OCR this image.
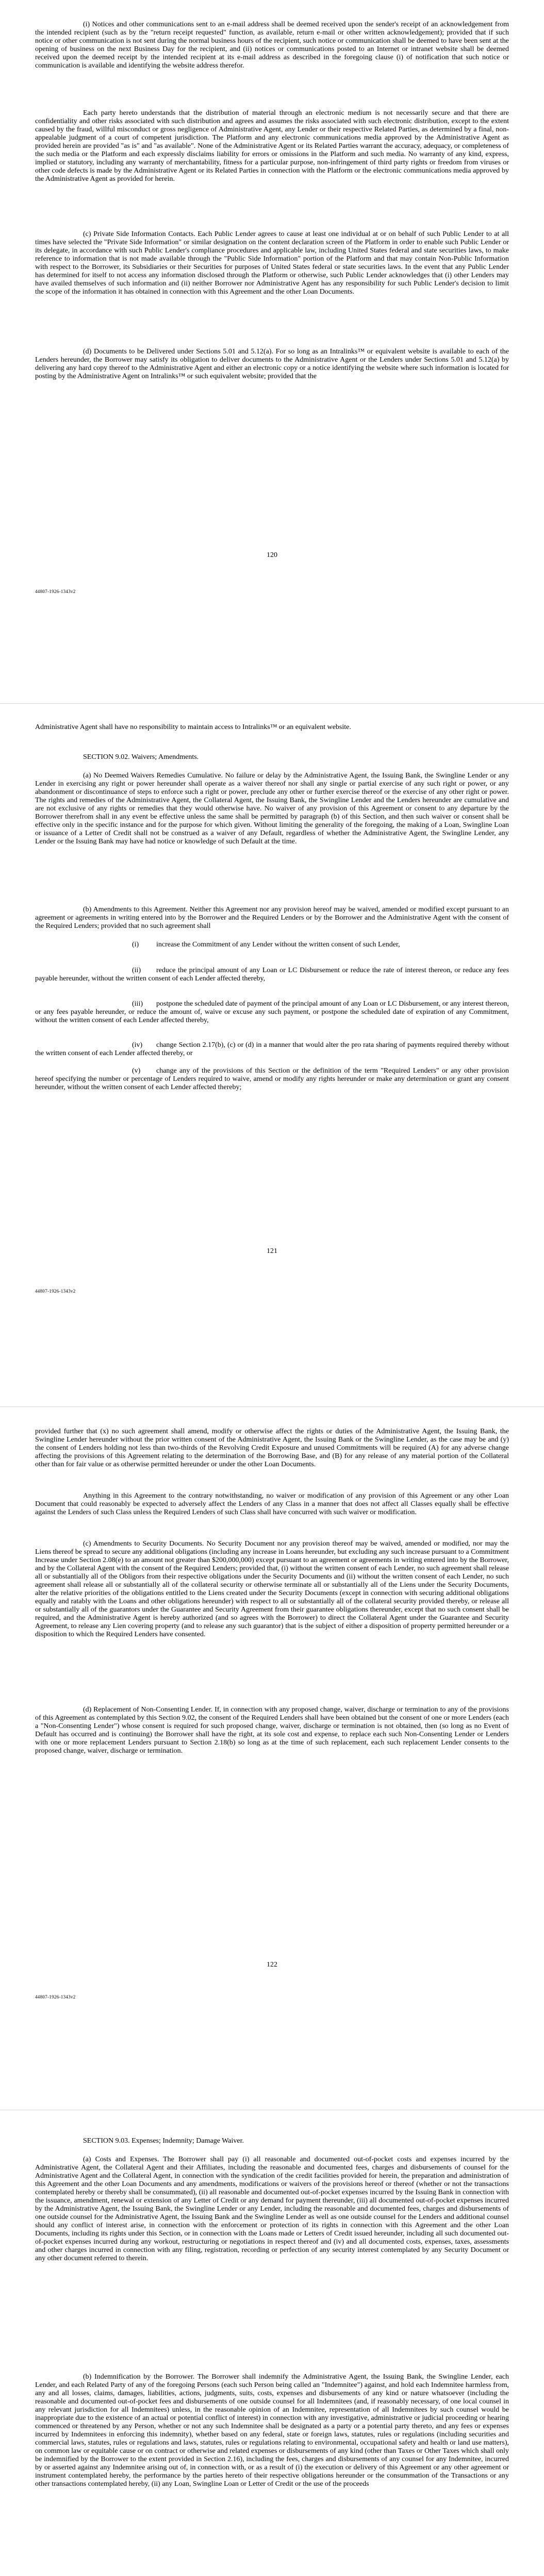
(i) Notices and other communications sent to an e-mail address shall be deemed received upon the sender's receipt of an acknowledgement from the intended recipient (such as by the "return receipt requested" function, as available, return e-mail or other written acknowledgement); provided that if such notice or other communication is not sent during the normal business hours of the recipient, such notice or communication shall be deemed to have been sent at the opening of business on the next Business Day for the recipient, and (ii) notices or communications posted to an Internet or intranet website shall be deemed received upon the deemed receipt by the intended recipient at its e-mail address as described in the foregoing clause (i) of notification that such notice or communication is available and identifying the website address therefor.

Each party hereto understands that the distribution of material through an electronic medium is not necessarily secure and that there are confidentiality and other risks associated with such distribution and agrees and assumes the risks associated with such electronic distribution, except to the extent caused by the fraud, willful misconduct or gross negligence of Administrative Agent, any Lender or their respective Related Parties, as determined by a final, non-appealable judgment of a court of competent jurisdiction. The Platform and any electronic communications media approved by the Administrative Agent as provided herein are provided "as is" and "as available". None of the Administrative Agent or its Related Parties warrant the accuracy, adequacy, or completeness of the such media or the Platform and each expressly disclaims liability for errors or omissions in the Platform and such media. No warranty of any kind, express, implied or statutory, including any warranty of merchantability, fitness for a particular purpose, non-infringement of third party rights or freedom from viruses or other code defects is made by the Administrative Agent or its Related Parties in connection with the Platform or the electronic communications media approved by the Administrative Agent as provided for herein.

(c) Private Side Information Contacts. Each Public Lender agrees to cause at least one individual at or on behalf of such Public Lender to at all times have selected the "Private Side Information" or similar designation on the content declaration screen of the Platform in order to enable such Public Lender or its delegate, in accordance with such Public Lender's compliance procedures and applicable law, including United States federal and state securities laws, to make reference to information that is not made available through the "Public Side Information" portion of the Platform and that may contain Non-Public Information with respect to the Borrower, its Subsidiaries or their Securities for purposes of United States federal or state securities laws. In the event that any Public Lender has determined for itself to not access any information disclosed through the Platform or otherwise, such Public Lender acknowledges that (i) other Lenders may have availed themselves of such information and (ii) neither Borrower nor Administrative Agent has any responsibility for such Public Lender's decision to limit the scope of the information it has obtained in connection with this Agreement and the other Loan Documents.

(d) Documents to be Delivered under Sections 5.01 and 5.12(a). For so long as an Intralinks™ or equivalent website is available to each of the Lenders hereunder, the Borrower may satisfy its obligation to deliver documents to the Administrative Agent or the Lenders under Sections 5.01 and 5.12(a) by delivering any hard copy thereof to the Administrative Agent and either an electronic copy or a notice identifying the website where such information is located for posting by the Administrative Agent on Intralinks™ or such equivalent website; provided that the

120
44807-1926-1343v2

Administrative Agent shall have no responsibility to maintain access to Intralinks™ or an equivalent website.

SECTION 9.02. Waivers; Amendments.

(a) No Deemed Waivers Remedies Cumulative. No failure or delay by the Administrative Agent, the Issuing Bank, the Swingline Lender or any Lender in exercising any right or power hereunder shall operate as a waiver thereof nor shall any single or partial exercise of any such right or power, or any abandonment or discontinuance of steps to enforce such a right or power, preclude any other or further exercise thereof or the exercise of any other right or power. The rights and remedies of the Administrative Agent, the Collateral Agent, the Issuing Bank, the Swingline Lender and the Lenders hereunder are cumulative and are not exclusive of any rights or remedies that they would otherwise have. No waiver of any provision of this Agreement or consent to any departure by the Borrower therefrom shall in any event be effective unless the same shall be permitted by paragraph (b) of this Section, and then such waiver or consent shall be effective only in the specific instance and for the purpose for which given. Without limiting the generality of the foregoing, the making of a Loan, Swingline Loan or issuance of a Letter of Credit shall not be construed as a waiver of any Default, regardless of whether the Administrative Agent, the Swingline Lender, any Lender or the Issuing Bank may have had notice or knowledge of such Default at the time.

(b) Amendments to this Agreement. Neither this Agreement nor any provision hereof may be waived, amended or modified except pursuant to an agreement or agreements in writing entered into by the Borrower and the Required Lenders or by the Borrower and the Administrative Agent with the consent of the Required Lenders; provided that no such agreement shall

(i)	increase the Commitment of any Lender without the written consent of such Lender,
(ii)	reduce the principal amount of any Loan or LC Disbursement or reduce the rate of interest thereon, or reduce any fees payable hereunder, without the written consent of each Lender affected thereby,
(iii)	postpone the scheduled date of payment of the principal amount of any Loan or LC Disbursement, or any interest thereon, or any fees payable hereunder, or reduce the amount of, waive or excuse any such payment, or postpone the scheduled date of expiration of any Commitment, without the written consent of each Lender affected thereby,
(iv)	change Section 2.17(b), (c) or (d) in a manner that would alter the pro rata sharing of payments required thereby without the written consent of each Lender affected thereby, or
(v)	change any of the provisions of this Section or the definition of the term "Required Lenders" or any other provision hereof specifying the number or percentage of Lenders required to waive, amend or modify any rights hereunder or make any determination or grant any consent hereunder, without the written consent of each Lender affected thereby;
121
44807-1926-1343v2

provided further that (x) no such agreement shall amend, modify or otherwise affect the rights or duties of the Administrative Agent, the Issuing Bank, the Swingline Lender hereunder without the prior written consent of the Administrative Agent, the Issuing Bank or the Swingline Lender, as the case may be and (y) the consent of Lenders holding not less than two-thirds of the Revolving Credit Exposure and unused Commitments will be required (A) for any adverse change affecting the provisions of this Agreement relating to the determination of the Borrowing Base, and (B) for any release of any material portion of the Collateral other than for fair value or as otherwise permitted hereunder or under the other Loan Documents.

Anything in this Agreement to the contrary notwithstanding, no waiver or modification of any provision of this Agreement or any other Loan Document that could reasonably be expected to adversely affect the Lenders of any Class in a manner that does not affect all Classes equally shall be effective against the Lenders of such Class unless the Required Lenders of such Class shall have concurred with such waiver or modification.

(c) Amendments to Security Documents. No Security Document nor any provision thereof may be waived, amended or modified, nor may the Liens thereof be spread to secure any additional obligations (including any increase in Loans hereunder, but excluding any such increase pursuant to a Commitment Increase under Section 2.08(e) to an amount not greater than $200,000,000) except pursuant to an agreement or agreements in writing entered into by the Borrower, and by the Collateral Agent with the consent of the Required Lenders; provided that, (i) without the written consent of each Lender, no such agreement shall release all or substantially all of the Obligors from their respective obligations under the Security Documents and (ii) without the written consent of each Lender, no such agreement shall release all or substantially all of the collateral security or otherwise terminate all or substantially all of the Liens under the Security Documents, alter the relative priorities of the obligations entitled to the Liens created under the Security Documents (except in connection with securing additional obligations equally and ratably with the Loans and other obligations hereunder) with respect to all or substantially all of the collateral security provided thereby, or release all or substantially all of the guarantors under the Guarantee and Security Agreement from their guarantee obligations thereunder, except that no such consent shall be required, and the Administrative Agent is hereby authorized (and so agrees with the Borrower) to direct the Collateral Agent under the Guarantee and Security Agreement, to release any Lien covering property (and to release any such guarantor) that is the subject of either a disposition of property permitted hereunder or a disposition to which the Required Lenders have consented.

(d) Replacement of Non-Consenting Lender. If, in connection with any proposed change, waiver, discharge or termination to any of the provisions of this Agreement as contemplated by this Section 9.02, the consent of the Required Lenders shall have been obtained but the consent of one or more Lenders (each a "Non-Consenting Lender") whose consent is required for such proposed change, waiver, discharge or termination is not obtained, then (so long as no Event of Default has occurred and is continuing) the Borrower shall have the right, at its sole cost and expense, to replace each such Non-Consenting Lender or Lenders with one or more replacement Lenders pursuant to Section 2.18(b) so long as at the time of such replacement, each such replacement Lender consents to the proposed change, waiver, discharge or termination.

122
44807-1926-1343v2

SECTION 9.03. Expenses; Indemnity; Damage Waiver.

(a) Costs and Expenses. The Borrower shall pay (i) all reasonable and documented out-of-pocket costs and expenses incurred by the Administrative Agent, the Collateral Agent and their Affiliates, including the reasonable and documented fees, charges and disbursements of counsel for the Administrative Agent and the Collateral Agent, in connection with the syndication of the credit facilities provided for herein, the preparation and administration of this Agreement and the other Loan Documents and any amendments, modifications or waivers of the provisions hereof or thereof (whether or not the transactions contemplated hereby or thereby shall be consummated), (ii) all reasonable and documented out-of-pocket expenses incurred by the Issuing Bank in connection with the issuance, amendment, renewal or extension of any Letter of Credit or any demand for payment thereunder, (iii) all documented out-of-pocket expenses incurred by the Administrative Agent, the Issuing Bank, the Swingline Lender or any Lender, including the reasonable and documented fees, charges and disbursements of one outside counsel for the Administrative Agent, the Issuing Bank and the Swingline Lender as well as one outside counsel for the Lenders and additional counsel should any conflict of interest arise, in connection with the enforcement or protection of its rights in connection with this Agreement and the other Loan Documents, including its rights under this Section, or in connection with the Loans made or Letters of Credit issued hereunder, including all such documented out-of-pocket expenses incurred during any workout, restructuring or negotiations in respect thereof and (iv) and all documented costs, expenses, taxes, assessments and other charges incurred in connection with any filing, registration, recording or perfection of any security interest contemplated by any Security Document or any other document referred to therein.

(b) Indemnification by the Borrower. The Borrower shall indemnify the Administrative Agent, the Issuing Bank, the Swingline Lender, each Lender, and each Related Party of any of the foregoing Persons (each such Person being called an "Indemnitee") against, and hold each Indemnitee harmless from, any and all losses, claims, damages, liabilities, actions, judgments, suits, costs, expenses and disbursements of any kind or nature whatsoever (including the reasonable and documented out-of-pocket fees and disbursements of one outside counsel for all Indemnitees (and, if reasonably necessary, of one local counsel in any relevant jurisdiction for all Indemnitees) unless, in the reasonable opinion of an Indemnitee, representation of all Indemnitees by such counsel would be inappropriate due to the existence of an actual or potential conflict of interest) in connection with any investigative, administrative or judicial proceeding or hearing commenced or threatened by any Person, whether or not any such Indemnitee shall be designated as a party or a potential party thereto, and any fees or expenses incurred by Indemnitees in enforcing this indemnity), whether based on any federal, state or foreign laws, statutes, rules or regulations (including securities and commercial laws, statutes, rules or regulations and laws, statutes, rules or regulations relating to environmental, occupational safety and health or land use matters), on common law or equitable cause or on contract or otherwise and related expenses or disbursements of any kind (other than Taxes or Other Taxes which shall only be indemnified by the Borrower to the extent provided in Section 2.16), including the fees, charges and disbursements of any counsel for any Indemnitee, incurred by or asserted against any Indemnitee arising out of, in connection with, or as a result of (i) the execution or delivery of this Agreement or any other agreement or instrument contemplated hereby, the performance by the parties hereto of their respective obligations hereunder or the consummation of the Transactions or any other transactions contemplated hereby, (ii) any Loan, Swingline Loan or Letter of Credit or the use of the proceeds
